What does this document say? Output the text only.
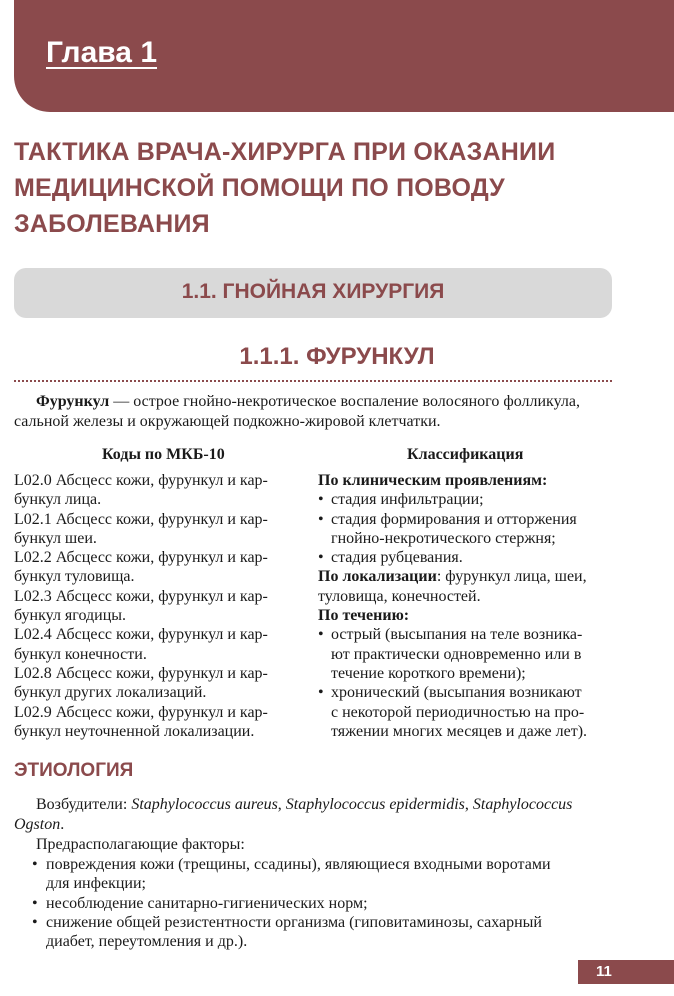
Глава 1
ТАКТИКА ВРАЧА-ХИРУРГА ПРИ ОКАЗАНИИ
МЕДИЦИНСКОЙ ПОМОЩИ ПО ПОВОДУ
ЗАБОЛЕВАНИЯ
1.1. ГНОЙНАЯ ХИРУРГИЯ
1.1.1. ФУРУНКУЛ
Фурункул — острое гнойно-некротическое воспаление волосяного фолликула, сальной железы и окружающей подкожно-жировой клетчатки.
Коды по МКБ-10	Классификация

L02.0 Абсцесс кожи, фурункул и кар-
бункул лица.

L02.1 Абсцесс кожи, фурункул и кар-
бункул шеи.

L02.2 Абсцесс кожи, фурункул и кар-
бункул туловища.

L02.3 Абсцесс кожи, фурункул и кар-
бункул ягодицы.

L02.4 Абсцесс кожи, фурункул и кар-
бункул конечности.

L02.8 Абсцесс кожи, фурункул и кар-
бункул других локализаций.

L02.9 Абсцесс кожи, фурункул и кар-
бункул неуточненной локализации.

По клиническим проявлениям:

• стадия инфильтрации;
• стадия формирования и отторжения
гнойно-некротического стержня;
• стадия рубцевания.

По локализации: фурункул лица, шеи,
туловища, конечностей.

По течению:

• острый (высыпания на теле возника-
ют практически одновременно или в
течение короткого времени);
• хронический (высыпания возникают
с некоторой периодичностью на про-
тяжении многих месяцев и даже лет).
ЭТИОЛОГИЯ
Возбудители: Staphylococcus aureus, Staphylococcus epidermidis, Staphylococcus Ogston.
Предрасполагающие факторы:
• повреждения кожи (трещины, ссадины), являющиеся входными воротами
для инфекции;
• несоблюдение санитарно-гигиенических норм;
• снижение общей резистентности организма (гиповитаминозы, сахарный
диабет, переутомления и др.).
11
